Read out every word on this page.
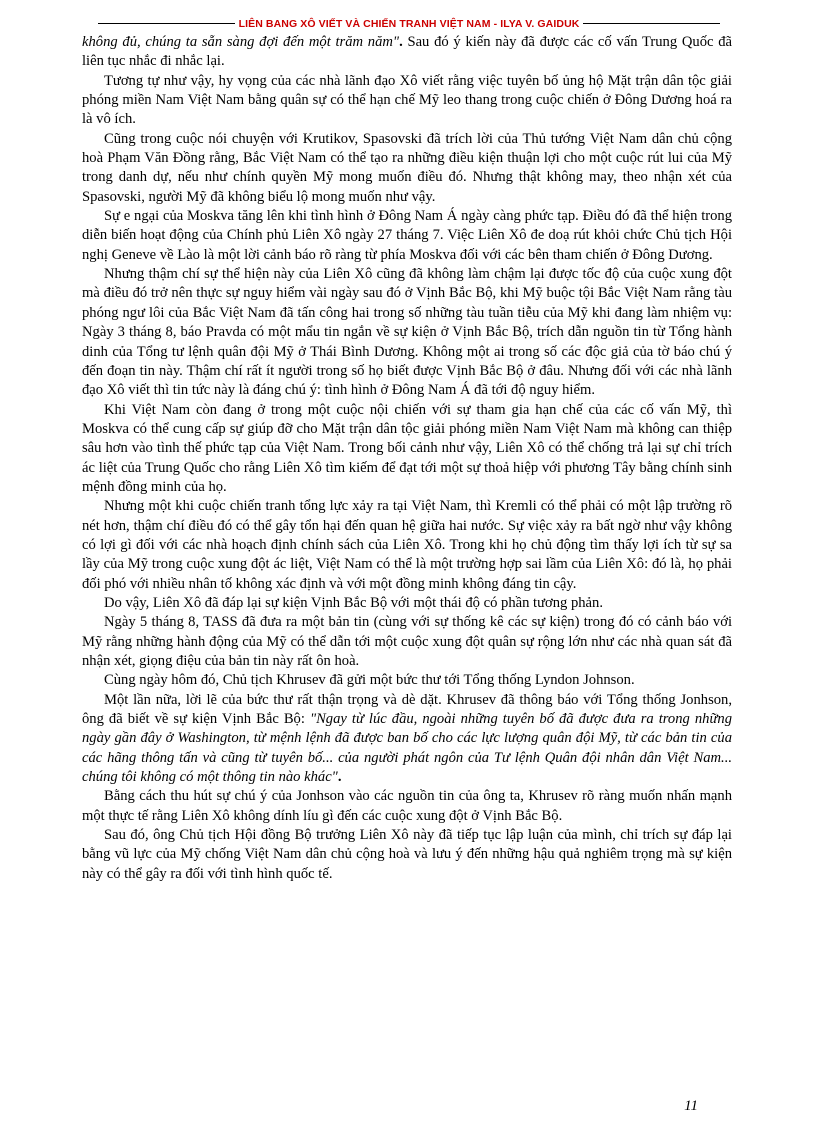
LIÊN BANG XÔ VIẾT VÀ CHIẾN TRANH VIỆT NAM - ILYA V. GAIDUK

không đủ, chúng ta sẵn sàng đợi đến một trăm năm". Sau đó ý kiến này đã được các cố vấn Trung Quốc đã liên tục nhắc đi nhắc lại.

Tương tự như vậy, hy vọng của các nhà lãnh đạo Xô viết rằng việc tuyên bố ủng hộ Mặt trận dân tộc giải phóng miền Nam Việt Nam bằng quân sự có thể hạn chế Mỹ leo thang trong cuộc chiến ở Đông Dương hoá ra là vô ích.

Cũng trong cuộc nói chuyện với Krutikov, Spasovski đã trích lời của Thủ tướng Việt Nam dân chủ cộng hoà Phạm Văn Đồng rằng, Bắc Việt Nam có thể tạo ra những điều kiện thuận lợi cho một cuộc rút lui của Mỹ trong danh dự, nếu như chính quyền Mỹ mong muốn điều đó. Nhưng thật không may, theo nhận xét của Spasovski, người Mỹ đã không biểu lộ mong muốn như vậy.

Sự e ngại của Moskva tăng lên khi tình hình ở Đông Nam Á ngày càng phức tạp. Điều đó đã thể hiện trong diễn biến hoạt động của Chính phủ Liên Xô ngày 27 tháng 7. Việc Liên Xô đe doạ rút khỏi chức Chủ tịch Hội nghị Geneve về Lào là một lời cảnh báo rõ ràng từ phía Moskva đối với các bên tham chiến ở Đông Dương.

Nhưng thậm chí sự thể hiện này của Liên Xô cũng đã không làm chậm lại được tốc độ của cuộc xung đột mà điều đó trở nên thực sự nguy hiểm vài ngày sau đó ở Vịnh Bắc Bộ, khi Mỹ buộc tội Bắc Việt Nam rằng tàu phóng ngư lôi của Bắc Việt Nam đã tấn công hai trong số những tàu tuần tiễu của Mỹ khi đang làm nhiệm vụ: Ngày 3 tháng 8, báo Pravda có một mẩu tin ngắn về sự kiện ở Vịnh Bắc Bộ, trích dẫn nguồn tin từ Tổng hành dinh của Tổng tư lệnh quân đội Mỹ ở Thái Bình Dương. Không một ai trong số các độc giả của tờ báo chú ý đến đoạn tin này. Thậm chí rất ít người trong số họ biết được Vịnh Bắc Bộ ở đâu. Nhưng đối với các nhà lãnh đạo Xô viết thì tin tức này là đáng chú ý: tình hình ở Đông Nam Á đã tới độ nguy hiểm.

Khi Việt Nam còn đang ở trong một cuộc nội chiến với sự tham gia hạn chế của các cố vấn Mỹ, thì Moskva có thể cung cấp sự giúp đỡ cho Mặt trận dân tộc giải phóng miền Nam Việt Nam mà không can thiệp sâu hơn vào tình thế phức tạp của Việt Nam. Trong bối cảnh như vậy, Liên Xô có thể chống trả lại sự chỉ trích ác liệt của Trung Quốc cho rằng Liên Xô tìm kiếm để đạt tới một sự thoả hiệp với phương Tây bằng chính sinh mệnh đồng minh của họ.

Nhưng một khi cuộc chiến tranh tổng lực xảy ra tại Việt Nam, thì Kremli có thể phải có một lập trường rõ nét hơn, thậm chí điều đó có thể gây tổn hại đến quan hệ giữa hai nước. Sự việc xảy ra bất ngờ như vậy không có lợi gì đối với các nhà hoạch định chính sách của Liên Xô. Trong khi họ chủ động tìm thấy lợi ích từ sự sa lầy của Mỹ trong cuộc xung đột ác liệt, Việt Nam có thể là một trường hợp sai lầm của Liên Xô: đó là, họ phải đối phó với nhiều nhân tố không xác định và với một đồng minh không đáng tin cậy.

Do vậy, Liên Xô đã đáp lại sự kiện Vịnh Bắc Bộ với một thái độ có phần tương phản.

Ngày 5 tháng 8, TASS đã đưa ra một bản tin (cùng với sự thống kê các sự kiện) trong đó có cảnh báo với Mỹ rằng những hành động của Mỹ có thể dẫn tới một cuộc xung đột quân sự rộng lớn như các nhà quan sát đã nhận xét, giọng điệu của bản tin này rất ôn hoà.

Cùng ngày hôm đó, Chủ tịch Khrusev đã gửi một bức thư tới Tổng thống Lyndon Johnson.

Một lần nữa, lời lẽ của bức thư rất thận trọng và dè dặt. Khrusev đã thông báo với Tổng thống Jonhson, ông đã biết về sự kiện Vịnh Bắc Bộ: "Ngay từ lúc đầu, ngoài những tuyên bố đã được đưa ra trong những ngày gần đây ở Washington, từ mệnh lệnh đã được ban bố cho các lực lượng quân đội Mỹ, từ các bản tin của các hãng thông tấn và cũng từ tuyên bố... của người phát ngôn của Tư lệnh Quân đội nhân dân Việt Nam... chúng tôi không có một thông tin nào khác".

Bằng cách thu hút sự chú ý của Jonhson vào các nguồn tin của ông ta, Khrusev rõ ràng muốn nhấn mạnh một thực tế rằng Liên Xô không dính líu gì đến các cuộc xung đột ở Vịnh Bắc Bộ.

Sau đó, ông Chủ tịch Hội đồng Bộ trưởng Liên Xô này đã tiếp tục lập luận của mình, chỉ trích sự đáp lại bằng vũ lực của Mỹ chống Việt Nam dân chủ cộng hoà và lưu ý đến những hậu quả nghiêm trọng mà sự kiện này có thể gây ra đối với tình hình quốc tế.

11
